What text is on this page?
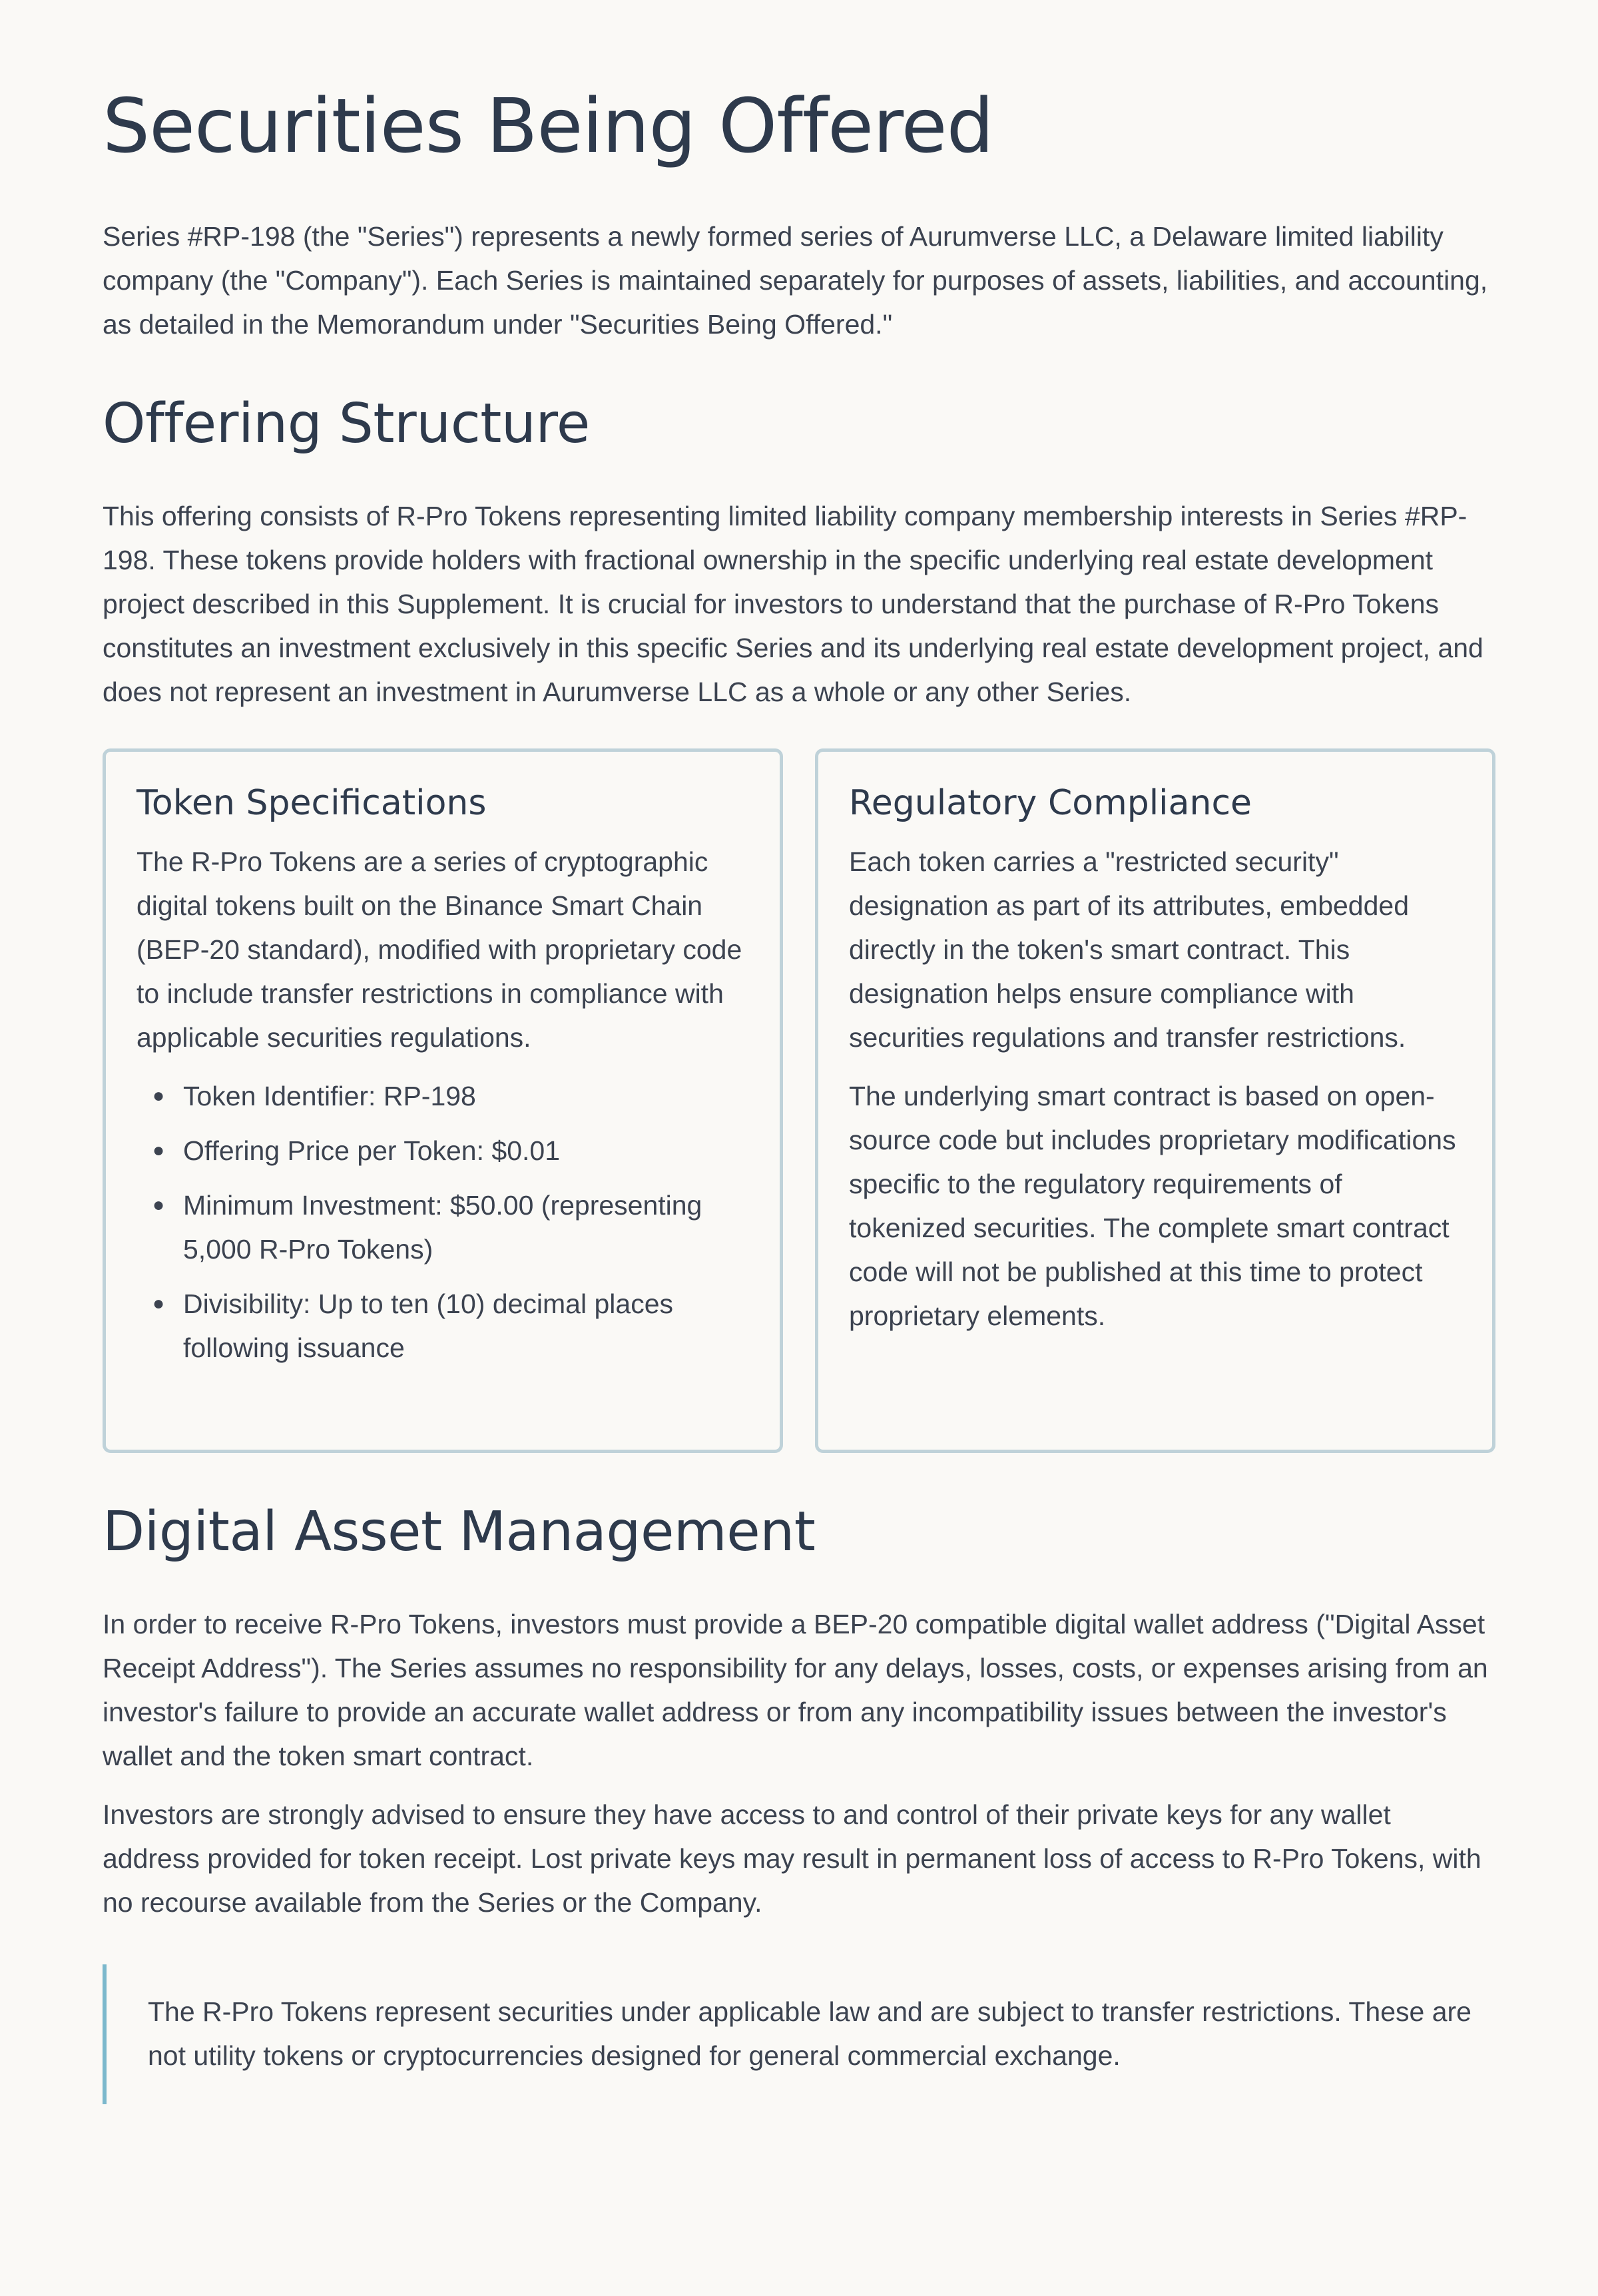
Securities Being Offered

Series #RP-198 (the "Series") represents a newly formed series of Aurumverse LLC, a Delaware limited liability company (the "Company"). Each Series is maintained separately for purposes of assets, liabilities, and accounting, as detailed in the Memorandum under "Securities Being Offered."

Offering Structure

This offering consists of R-Pro Tokens representing limited liability company membership interests in Series #RP-198. These tokens provide holders with fractional ownership in the specific underlying real estate development project described in this Supplement. It is crucial for investors to understand that the purchase of R-Pro Tokens constitutes an investment exclusively in this specific Series and its underlying real estate development project, and does not represent an investment in Aurumverse LLC as a whole or any other Series.

Token Specifications

The R-Pro Tokens are a series of cryptographic digital tokens built on the Binance Smart Chain (BEP-20 standard), modified with proprietary code to include transfer restrictions in compliance with applicable securities regulations.

● Token Identifier: RP-198
● Offering Price per Token: $0.01
● Minimum Investment: $50.00 (representing 5,000 R-Pro Tokens)
● Divisibility: Up to ten (10) decimal places following issuance
Regulatory Compliance

Each token carries a "restricted security" designation as part of its attributes, embedded directly in the token's smart contract. This designation helps ensure compliance with securities regulations and transfer restrictions.

The underlying smart contract is based on open-source code but includes proprietary modifications specific to the regulatory requirements of tokenized securities. The complete smart contract code will not be published at this time to protect proprietary elements.

Digital Asset Management

In order to receive R-Pro Tokens, investors must provide a BEP-20 compatible digital wallet address ("Digital Asset Receipt Address"). The Series assumes no responsibility for any delays, losses, costs, or expenses arising from an investor's failure to provide an accurate wallet address or from any incompatibility issues between the investor's wallet and the token smart contract.

Investors are strongly advised to ensure they have access to and control of their private keys for any wallet address provided for token receipt. Lost private keys may result in permanent loss of access to R-Pro Tokens, with no recourse available from the Series or the Company.

The R-Pro Tokens represent securities under applicable law and are subject to transfer restrictions. These are not utility tokens or cryptocurrencies designed for general commercial exchange.
